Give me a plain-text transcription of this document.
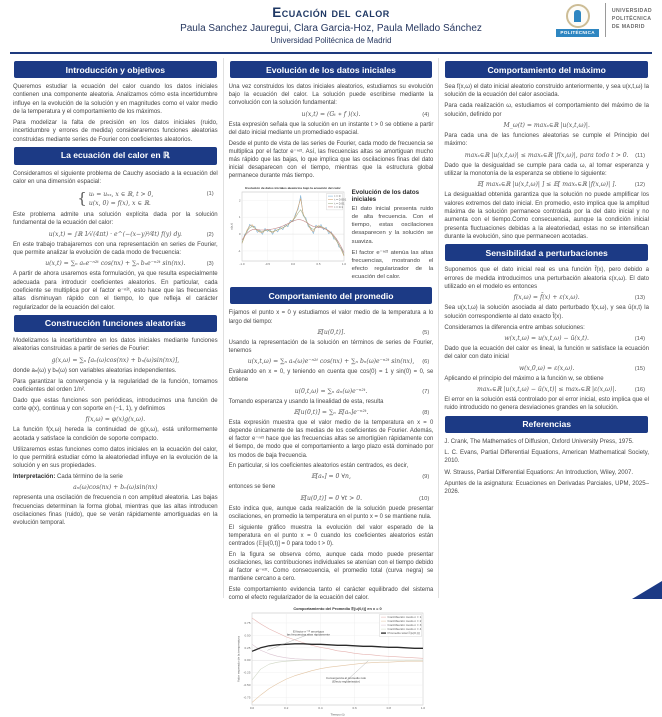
Ecuación del calor
Paula Sanchez Jauregui, Clara Garcia-Hoz, Paula Mellado Sánchez
Universidad Politécnica de Madrid
POLITÉCNICA
UNIVERSIDAD
POLITÉCNICA
DE MADRID
Introducción y objetivos

Queremos estudiar la ecuación del calor cuando los datos iniciales contienen una componente aleatoria. Analizamos cómo esta incertidumbre influye en la evolución de la solución y en magnitudes como el valor medio de la temperatura y el comportamiento de los máximos.

Para modelizar la falta de precisión en los datos iniciales (ruido, incertidumbre y errores de medida) consideraremos funciones aleatorias construidas mediante series de Fourier con coeficientes aleatorios.

La ecuación del calor en ℝ

Consideramos el siguiente problema de Cauchy asociado a la ecuación del calor en una dimensión espacial:

{ uₜ = uₓₓ, x ∈ ℝ, t > 0,
u(x, 0) = f(x), x ∈ ℝ.
(1)

Este problema admite una solución explícita dada por la solución fundamental de la ecuación del calor:

u(x,t) = ∫ℝ 1⁄√(4πt) · e^(−(x−y)²⁄4t) f(y) dy.	(2)

En este trabajo trabajaremos con una representación en series de Fourier, que permite analizar la evolución de cada modo de frecuencia:

u(x,t) = ∑ₙ aₙe⁻ⁿ²ᵗ cos(nx) + ∑ₙ bₙe⁻ⁿ²ᵗ sin(nx).	(3)

A partir de ahora usaremos esta formulación, ya que resulta especialmente adecuada para introducir coeficientes aleatorios. En particular, cada coeficiente se multiplica por el factor e⁻ⁿ²ᵗ, esto hace que las frecuencias altas disminuyan rápido con el tiempo, lo que refleja el carácter regularizador de la ecuación del calor.

Construcción funciones aleatorias

Modelizamos la incertidumbre en los datos iniciales mediante funciones aleatorias construidas a partir de series de Fourier:

g(x,ω) = ∑ₙ [aₙ(ω)cos(nx) + bₙ(ω)sin(nx)],

donde aₙ(ω) y bₙ(ω) son variables aleatorias independientes.

Para garantizar la convergencia y la regularidad de la función, tomamos coeficientes del orden 1/n².

Dado que estas funciones son periódicas, introducimos una función de corte φ(x), continua y con soporte en (−1, 1), y definimos

f(x,ω) = φ(x)g(x,ω).

La función f(x,ω) hereda la continuidad de g(x,ω), está uniformemente acotada y satisface la condición de soporte compacto.

Utilizaremos estas funciones como datos iniciales en la ecuación del calor, lo que permitirá estudiar cómo la aleatoriedad influye en la evolución de la solución y en sus propiedades.

Interpretación: Cada término de la serie

aₙ(ω)cos(nx) + bₙ(ω)sin(nx)

representa una oscilación de frecuencia n con amplitud aleatoria. Las bajas frecuencias determinan la forma global, mientras que las altas introducen oscilaciones finas (ruido), que se verán rápidamente amortiguadas en la evolución temporal.

Evolución de los datos iniciales

Una vez construidos los datos iniciales aleatorios, estudiamos su evolución bajo la ecuación del calor. La solución puede escribirse mediante la convolución con la solución fundamental:

u(x,t) = (Gₜ ∗ f )(x).	(4)

Esta expresión señala que la solución en un instante t > 0 se obtiene a partir del dato inicial mediante un promediado espacial.

Desde el punto de vista de las series de Fourier, cada modo de frecuencia se multiplica por el factor e⁻ⁿ²ᵗ. Así, las frecuencias altas se amortiguan mucho más rápido que las bajas, lo que implica que las oscilaciones finas del dato inicial desaparecen con el tiempo, mientras que la estructura global permanece durante más tiempo.

-1.0	-0.5	0.0	0.5	1.0
-1
0
1
2
Evolución de datos iniciales aleatorios bajo la ecuación del calor
u(x,t)
t = 0
t = 0.001
t = 0.01
t = 0.1
Evolución de los datos iniciales

El dato inicial presenta ruido de alta frecuencia. Con el tiempo, estas oscilaciones desaparecen y la solución se suaviza.

El factor e⁻ⁿ²ᵗ atenúa las altas frecuencias, mostrando el efecto regularizador de la ecuación del calor.

Comportamiento del promedio

Fijamos el punto x = 0 y estudiamos el valor medio de la temperatura a lo largo del tiempo:

𝔼[u(0,t)].	(5)

Usando la representación de la solución en términos de series de Fourier, tenemos

u(x,t,ω) = ∑ₙ aₙ(ω)e⁻ⁿ²ᵗ cos(nx) + ∑ₙ bₙ(ω)e⁻ⁿ²ᵗ sin(nx), (6)

Evaluando en x = 0, y teniendo en cuenta que cos(0) = 1 y sin(0) = 0, se obtiene

u(0,t,ω) = ∑ₙ aₙ(ω)e⁻ⁿ²ᵗ.	(7)

Tomando esperanza y usando la linealidad de esta, resulta

𝔼[u(0,t)] = ∑ₙ 𝔼[aₙ]e⁻ⁿ²ᵗ.	(8)

Esta expresión muestra que el valor medio de la temperatura en x = 0 depende únicamente de las medias de los coeficientes de Fourier. Además, el factor e⁻ⁿ²ᵗ hace que las frecuencias altas se amortigüen rápidamente con el tiempo, de modo que el comportamiento a largo plazo está dominado por los modos de baja frecuencia.

En particular, si los coeficientes aleatorios están centrados, es decir,

𝔼[aₙ] = 0 ∀n,	(9)

entonces se tiene

𝔼[u(0,t)] = 0 ∀t > 0.	(10)

Esto indica que, aunque cada realización de la solución puede presentar oscilaciones, en promedio la temperatura en el punto x = 0 se mantiene nula.

El siguiente gráfico muestra la evolución del valor esperado de la temperatura en el punto x = 0 cuando los coeficientes aleatorios están centrados (𝔼[u(0,t)] = 0 para todo t > 0).

En la figura se observa cómo, aunque cada modo puede presentar oscilaciones, las contribuciones individuales se atenúan con el tiempo debido al factor e⁻ⁿ²ᵗ. Como consecuencia, el promedio total (curva negra) se mantiene cercano a cero.

Este comportamiento evidencia tanto el carácter equilibrado del sistema como el efecto regularizador de la ecuación del calor.

0.0	0.2	0.4	0.6	0.8	1.0
-0.75
-0.50
-0.25
0.00
0.25
0.50
0.75
Comportamiento del Promedio 𝔼[u(0,t)] en x = 0
Tiempo (t)
Valor esperado de la temperatura
Contribución modo n = 1
Contribución modo n = 2
Contribución modo n = 3
Contribución modo n = 4
Promedio total 𝔼[u(0,t)]
El factor e⁻ⁿ²ᵗ amortigua las frecuencias altas rápidamente
Convergencia al promedio nulo (Efecto regularizador)
Comportamiento del máximo

Sea f(x,ω) el dato inicial aleatorio construido anteriormente, y sea u(x,t,ω) la solución de la ecuación del calor asociada.

Para cada realización ω, estudiamos el comportamiento del máximo de la solución, definido por

M_ω(t) = maxₓ∈ℝ |u(x,t,ω)|.

Para cada una de las funciones aleatorias se cumple el Principio del máximo:

maxₓ∈ℝ |u(x,t,ω)| ≤ maxₓ∈ℝ |f(x,ω)|, para todo t > 0. (11)

Dado que la desigualdad se cumple para cada ω, al tomar esperanza y utilizar la monotonía de la esperanza se obtiene lo siguiente:

𝔼[ maxₓ∈ℝ |u(x,t,ω)| ] ≤ 𝔼[ maxₓ∈ℝ |f(x,ω)| ].	(12)

La desigualdad obtenida garantiza que la solución no puede amplificar los valores extremos del dato inicial. En promedio, esto implica que la amplitud máxima de la solución permanece controlada por la del dato inicial y no aumenta con el tiempo.Como consecuencia, aunque la condición inicial presenta fluctuaciones debidas a la aleatoriedad, estas no se intensifican durante la evolución, sino que permanecen acotadas.

Sensibilidad a perturbaciones

Suponemos que el dato inicial real es una función f̄(x), pero debido a errores de medida introducimos una perturbación aleatoria ε(x,ω). El dato utilizado en el modelo es entonces

f(x,ω) = f̄(x) + ε(x,ω).	(13)

Sea u(x,t,ω) la solución asociada al dato perturbado f(x,ω), y sea ū(x,t) la solución correspondiente al dato exacto f̄(x).

Consideramos la diferencia entre ambas soluciones:

w(x,t,ω) = u(x,t,ω) − ū(x,t).	(14)

Dado que la ecuación del calor es lineal, la función w satisface la ecuación del calor con dato inicial

w(x,0,ω) = ε(x,ω).	(15)

Aplicando el principio del máximo a la función w, se obtiene

maxₓ∈ℝ |u(x,t,ω) − ū(x,t)| ≤ maxₓ∈ℝ |ε(x,ω)|.	(16)

El error en la solución está controlado por el error inicial, esto implica que el ruido introducido no genera desviaciones grandes en la solución.

Referencias

J. Crank, The Mathematics of Diffusion, Oxford University Press, 1975.

L. C. Evans, Partial Differential Equations, American Mathematical Society, 2010.

W. Strauss, Partial Differential Equations: An Introduction, Wiley, 2007.

Apuntes de la asignatura: Ecuaciones en Derivadas Parciales, UPM, 2025–2026.
